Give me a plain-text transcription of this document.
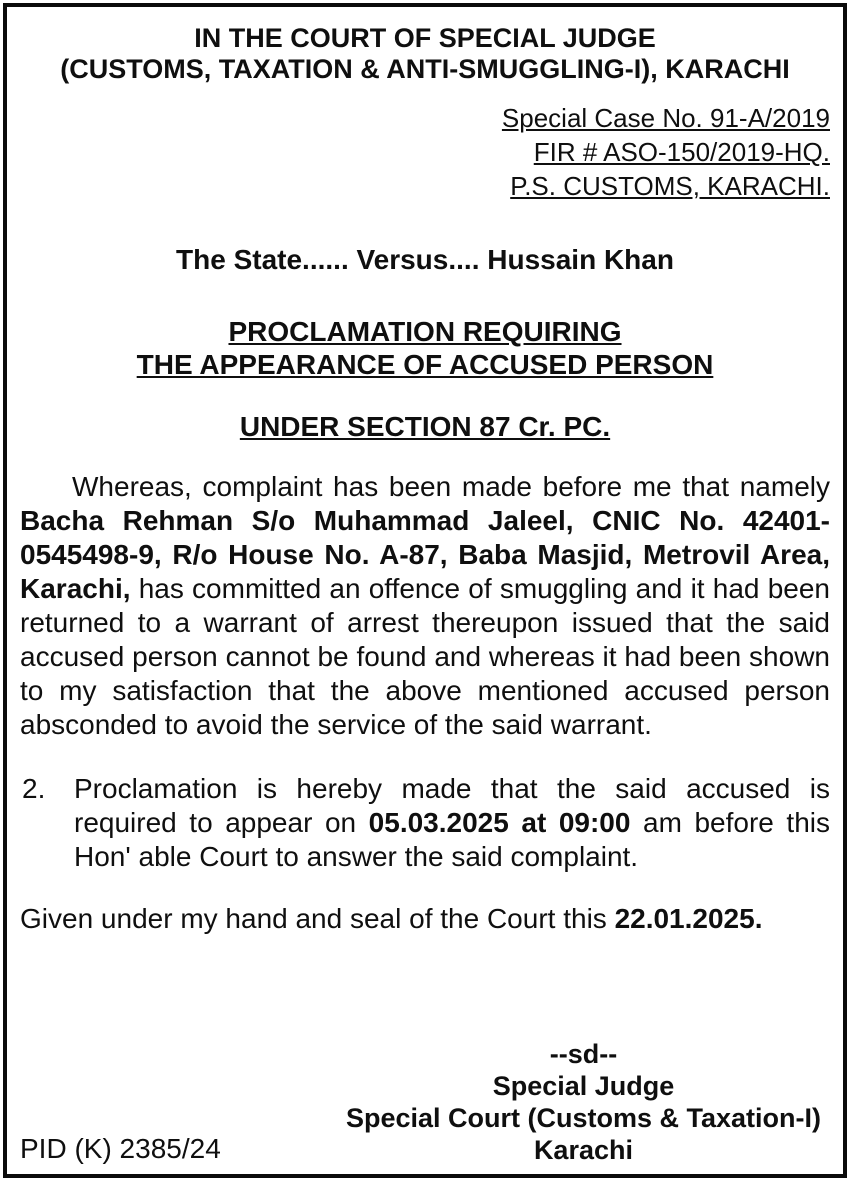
IN THE COURT OF SPECIAL JUDGE
(CUSTOMS, TAXATION & ANTI-SMUGGLING-I), KARACHI
Special Case No. 91-A/2019
FIR # ASO-150/2019-HQ.
P.S. CUSTOMS, KARACHI.
The State...... Versus.... Hussain Khan
PROCLAMATION REQUIRING
THE APPEARANCE OF ACCUSED PERSON
UNDER SECTION 87 Cr. PC.

Whereas, complaint has been made before me that namely Bacha Rehman S/o Muhammad Jaleel, CNIC No. 42401-0545498-9, R/o House No. A-87, Baba Masjid, Metrovil Area, Karachi, has committed an offence of smuggling and it had been returned to a warrant of arrest thereupon issued that the said accused person cannot be found and whereas it had been shown to my satisfaction that the above mentioned accused person absconded to avoid the service of the said warrant.

2. Proclamation is hereby made that the said accused is required to appear on 05.03.2025 at 09:00 am before this Hon' able Court to answer the said complaint.

Given under my hand and seal of the Court this 22.01.2025.

--sd--
Special Judge
Special Court (Customs & Taxation-I)
Karachi
PID (K) 2385/24
